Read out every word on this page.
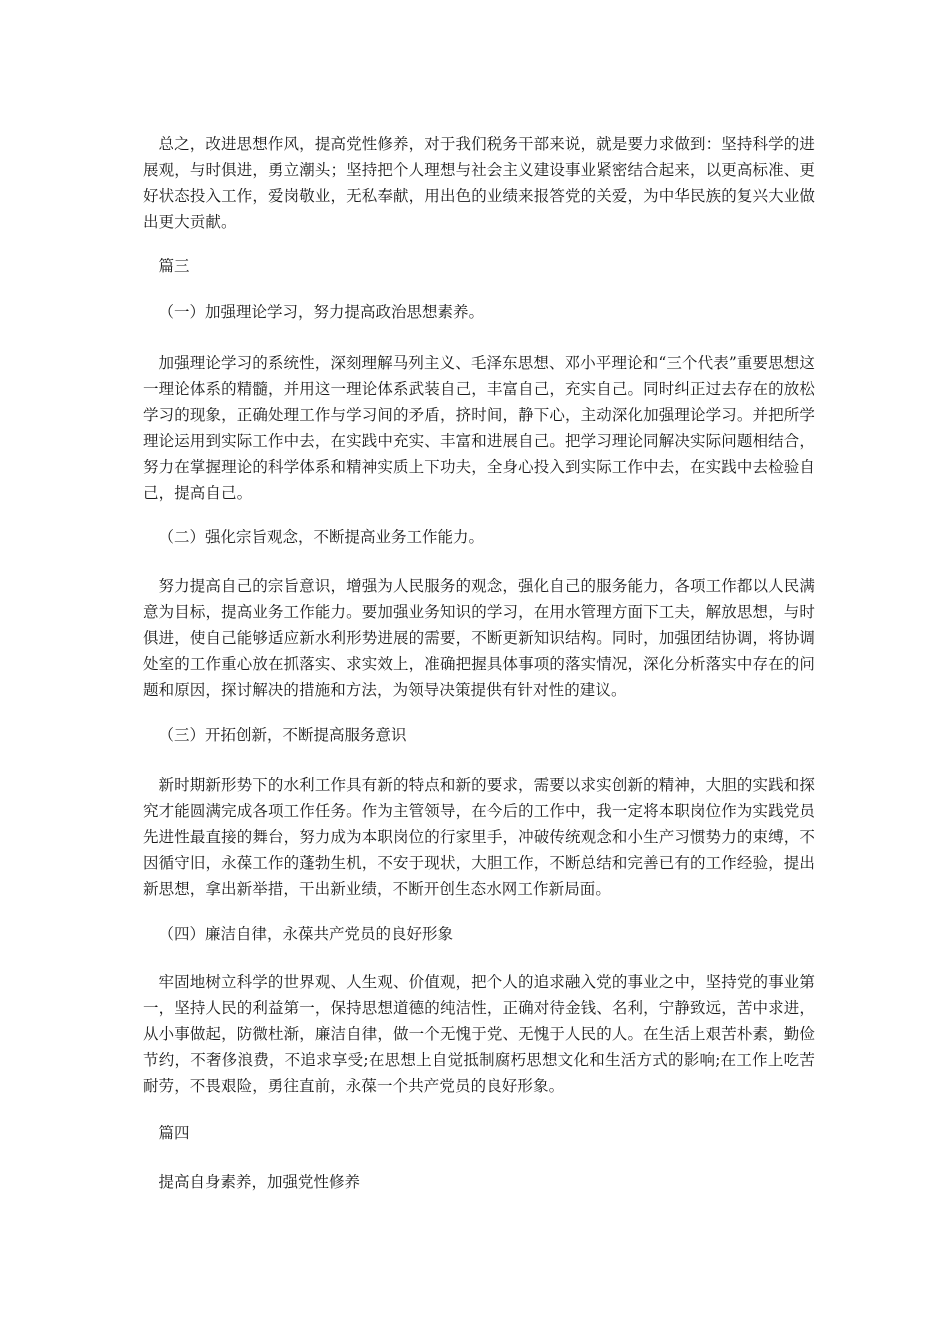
总之，改进思想作风，提高党性修养，对于我们税务干部来说，就是要力求做到：坚持科学的进展观，与时俱进，勇立潮头；坚持把个人理想与社会主义建设事业紧密结合起来，以更高标准、更好状态投入工作，爱岗敬业，无私奉献，用出色的业绩来报答党的关爱，为中华民族的复兴大业做出更大贡献。

篇三

（一）加强理论学习，努力提高政治思想素养。

加强理论学习的系统性，深刻理解马列主义、毛泽东思想、邓小平理论和“三个代表”重要思想这一理论体系的精髓，并用这一理论体系武装自己，丰富自己，充实自己。同时纠正过去存在的放松学习的现象，正确处理工作与学习间的矛盾，挤时间，静下心，主动深化加强理论学习。并把所学理论运用到实际工作中去，在实践中充实、丰富和进展自己。把学习理论同解决实际问题相结合，努力在掌握理论的科学体系和精神实质上下功夫，全身心投入到实际工作中去，在实践中去检验自己，提高自己。

（二）强化宗旨观念，不断提高业务工作能力。

努力提高自己的宗旨意识，增强为人民服务的观念，强化自己的服务能力，各项工作都以人民满意为目标，提高业务工作能力。要加强业务知识的学习，在用水管理方面下工夫，解放思想，与时俱进，使自己能够适应新水利形势进展的需要，不断更新知识结构。同时，加强团结协调，将协调处室的工作重心放在抓落实、求实效上，准确把握具体事项的落实情况，深化分析落实中存在的问题和原因，探讨解决的措施和方法，为领导决策提供有针对性的建议。

（三）开拓创新，不断提高服务意识

新时期新形势下的水利工作具有新的特点和新的要求，需要以求实创新的精神，大胆的实践和探究才能圆满完成各项工作任务。作为主管领导，在今后的工作中，我一定将本职岗位作为实践党员先进性最直接的舞台，努力成为本职岗位的行家里手，冲破传统观念和小生产习惯势力的束缚，不因循守旧，永葆工作的蓬勃生机，不安于现状，大胆工作，不断总结和完善已有的工作经验，提出新思想，拿出新举措，干出新业绩，不断开创生态水网工作新局面。

（四）廉洁自律，永葆共产党员的良好形象

牢固地树立科学的世界观、人生观、价值观，把个人的追求融入党的事业之中，坚持党的事业第一，坚持人民的利益第一，保持思想道德的纯洁性，正确对待金钱、名利，宁静致远，苦中求进，从小事做起，防微杜渐，廉洁自律，做一个无愧于党、无愧于人民的人。在生活上艰苦朴素，勤俭节约，不奢侈浪费，不追求享受;在思想上自觉抵制腐朽思想文化和生活方式的影响;在工作上吃苦耐劳，不畏艰险，勇往直前，永葆一个共产党员的良好形象。

篇四

提高自身素养，加强党性修养
